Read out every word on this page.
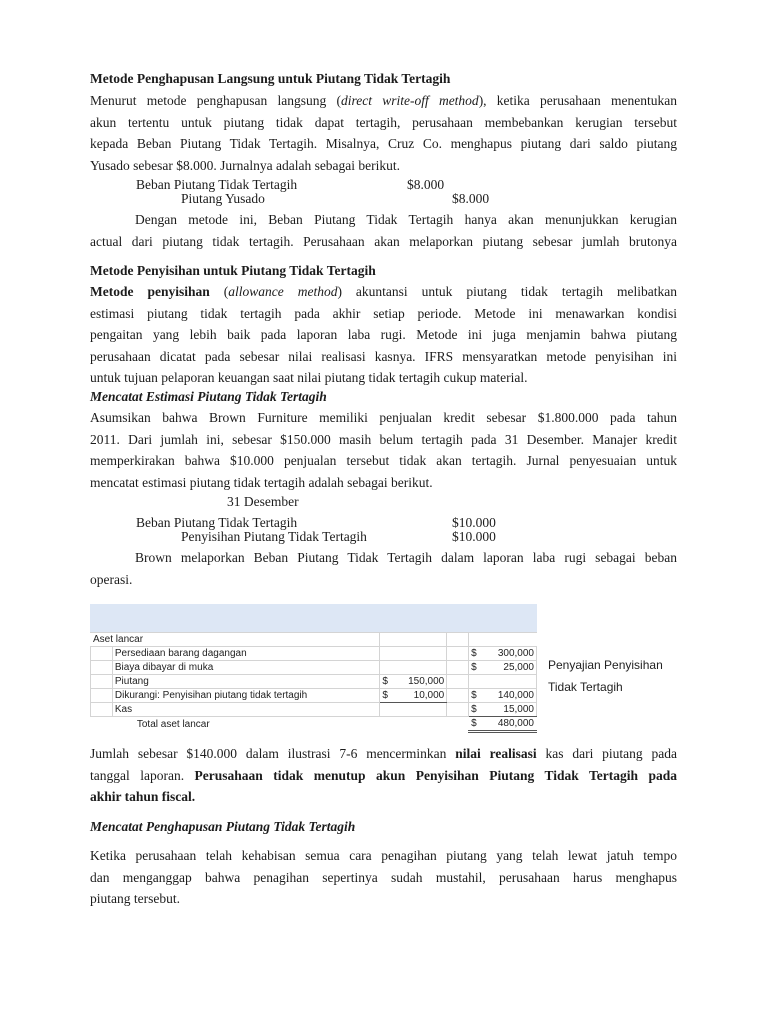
Metode Penghapusan Langsung untuk Piutang Tidak Tertagih
Menurut metode penghapusan langsung (direct write-off method), ketika perusahaan menentukan
akun tertentu untuk piutang tidak dapat tertagih, perusahaan membebankan kerugian tersebut
kepada Beban Piutang Tidak Tertagih. Misalnya, Cruz Co. menghapus piutang dari saldo piutang
Yusado sebesar $8.000. Jurnalnya adalah sebagai berikut.
Beban Piutang Tidak Tertagih	$8.000
Piutang Yusado	$8.000
Dengan metode ini, Beban Piutang Tidak Tertagih hanya akan menunjukkan kerugian
actual dari piutang tidak tertagih. Perusahaan akan melaporkan piutang sebesar jumlah brutonya
Metode Penyisihan untuk Piutang Tidak Tertagih
Metode penyisihan (allowance method) akuntansi untuk piutang tidak tertagih melibatkan
estimasi piutang tidak tertagih pada akhir setiap periode. Metode ini menawarkan kondisi
pengaitan yang lebih baik pada laporan laba rugi. Metode ini juga menjamin bahwa piutang
perusahaan dicatat pada sebesar nilai realisasi kasnya. IFRS mensyaratkan metode penyisihan ini
untuk tujuan pelaporan keuangan saat nilai piutang tidak tertagih cukup material.
Mencatat Estimasi Piutang Tidak Tertagih
Asumsikan bahwa Brown Furniture memiliki penjualan kredit sebesar $1.800.000 pada tahun
2011. Dari jumlah ini, sebesar $150.000 masih belum tertagih pada 31 Desember. Manajer kredit
memperkirakan bahwa $10.000 penjualan tersebut tidak akan tertagih. Jurnal penyesuaian untuk
mencatat estimasi piutang tidak tertagih adalah sebagai berikut.
31 Desember
Beban Piutang Tidak Tertagih	$10.000
Penyisihan Piutang Tidak Tertagih	$10.000
Brown melaporkan Beban Piutang Tidak Tertagih dalam laporan laba rugi sebagai beban
operasi.
Aset lancar				
	Persediaan barang dagangan			$ 300,000

	Biaya dibayar di muka			$ 25,000

	Piutang	$ 150,000		

	Dikurangi: Penyisihan piutang tidak tertagih	$ 10,000		$ 140,000

	Kas			$ 15,000

	Total aset lancar			$ 480,000
Penyajian Penyisihan
Tidak Tertagih
Jumlah sebesar $140.000 dalam ilustrasi 7-6 mencerminkan nilai realisasi kas dari piutang pada
tanggal laporan. Perusahaan tidak menutup akun Penyisihan Piutang Tidak Tertagih pada
akhir tahun fiscal.
Mencatat Penghapusan Piutang Tidak Tertagih
Ketika perusahaan telah kehabisan semua cara penagihan piutang yang telah lewat jatuh tempo
dan menganggap bahwa penagihan sepertinya sudah mustahil, perusahaan harus menghapus
piutang tersebut.
